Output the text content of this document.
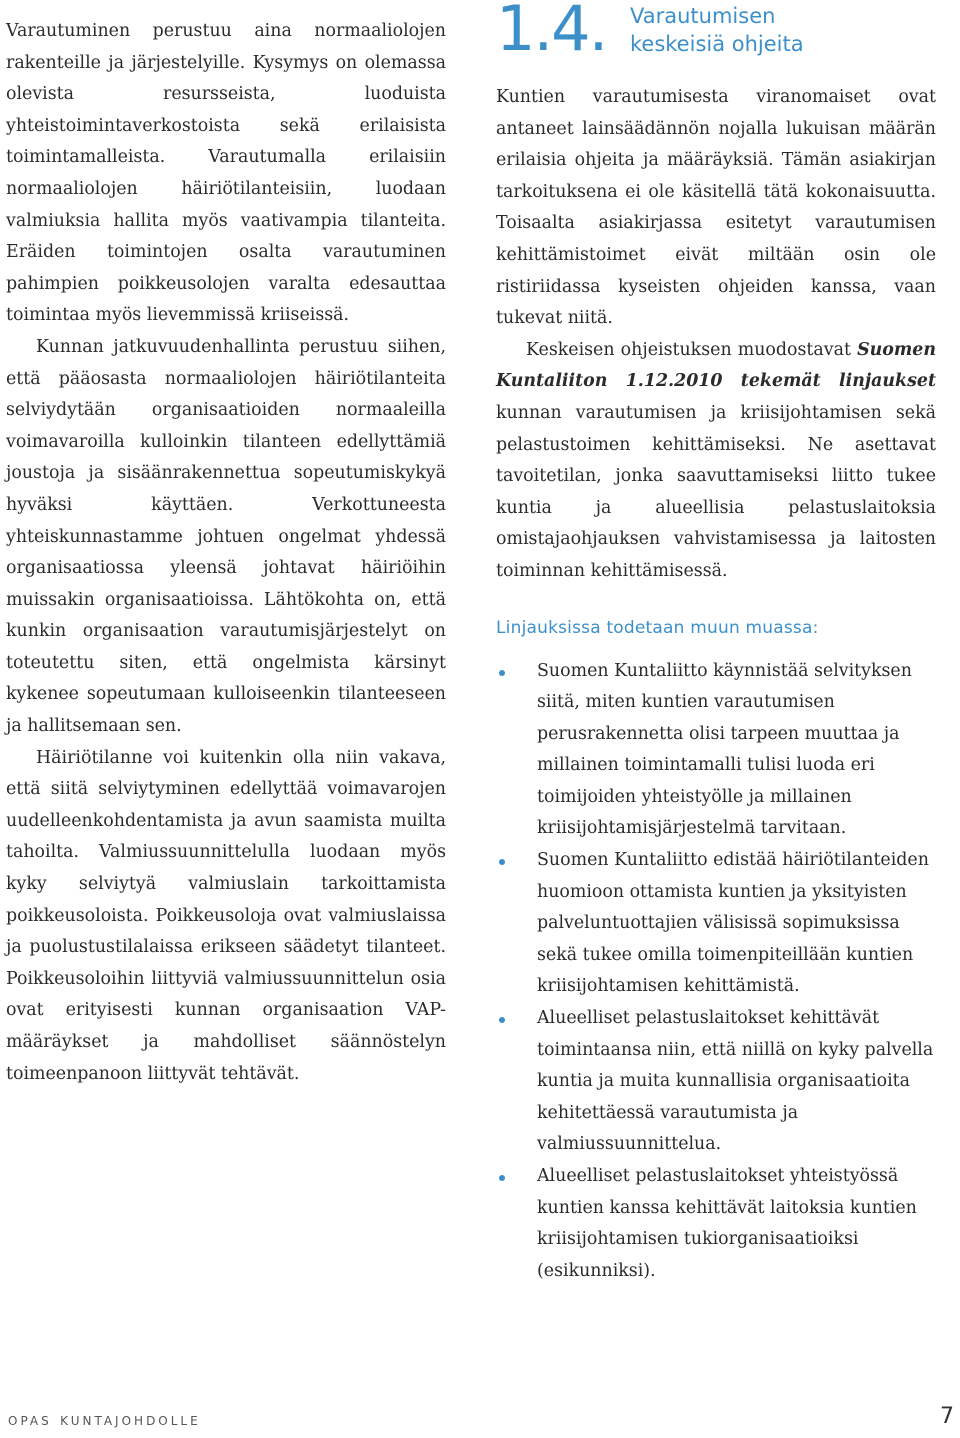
Varautuminen perustuu aina normaaliolojen rakenteille ja järjestelyille. Kysymys on olemassa olevista resursseista, luoduista yhteistoimintaverkostoista sekä erilaisista toimintamalleista. Varautumalla erilaisiin normaaliolojen häiriötilanteisiin, luodaan valmiuksia hallita myös vaativampia tilanteita. Eräiden toimintojen osalta varautuminen pahimpien poikkeusolojen varalta edesauttaa toimintaa myös lievemmissä kriiseissä.

Kunnan jatkuvuudenhallinta perustuu siihen, että pääosasta normaaliolojen häiriötilanteita selviydytään organisaatioiden normaaleilla voimavaroilla kulloinkin tilanteen edellyttämiä joustoja ja sisäänrakennettua sopeutumiskykyä hyväksi käyttäen. Verkottuneesta yhteiskunnastamme johtuen ongelmat yhdessä organisaatiossa yleensä johtavat häiriöihin muissakin organisaatioissa. Lähtökohta on, että kunkin organisaation varautumisjärjestelyt on toteutettu siten, että ongelmista kärsinyt kykenee sopeutumaan kulloiseenkin tilanteeseen ja hallitsemaan sen.

Häiriötilanne voi kuitenkin olla niin vakava, että siitä selviytyminen edellyttää voimavarojen uudelleenkohdentamista ja avun saamista muilta tahoilta. Valmiussuunnittelulla luodaan myös kyky selviytyä valmiuslain tarkoittamista poikkeusoloista. Poikkeusoloja ovat valmiuslaissa ja puolustustilalaissa erikseen säädetyt tilanteet. Poikkeusoloihin liittyviä valmiussuunnittelun osia ovat erityisesti kunnan organisaation VAP- määräykset ja mahdolliset säännöstelyn toimeenpanoon liittyvät tehtävät.

1.4. Varautumisen
keskeisiä ohjeita

Kuntien varautumisesta viranomaiset ovat antaneet lainsäädännön nojalla lukuisan määrän erilaisia ohjeita ja määräyksiä. Tämän asiakirjan tarkoituksena ei ole käsitellä tätä kokonaisuutta. Toisaalta asiakirjassa esitetyt varautumisen kehittämistoimet eivät miltään osin ole ristiriidassa kyseisten ohjeiden kanssa, vaan tukevat niitä.

Keskeisen ohjeistuksen muodostavat Suomen Kuntaliiton 1.12.2010 tekemät linjaukset kunnan varautumisen ja kriisijohtamisen sekä pelastustoimen kehittämiseksi. Ne asettavat tavoitetilan, jonka saavuttamiseksi liitto tukee kuntia ja alueellisia pelastuslaitoksia omistajaohjauksen vahvistamisessa ja laitosten toiminnan kehittämisessä.

Linjauksissa todetaan muun muassa:
Suomen Kuntaliitto käynnistää selvityksen siitä, miten kuntien varautumisen perusrakennetta olisi tarpeen muuttaa ja millainen toimintamalli tulisi luoda eri toimijoiden yhteistyölle ja millainen kriisijohtamisjärjestelmä tarvitaan.
Suomen Kuntaliitto edistää häiriötilanteiden huomioon ottamista kuntien ja yksityisten palveluntuottajien välisissä sopimuksissa sekä tukee omilla toimenpiteillään kuntien kriisijohtamisen kehittämistä.
Alueelliset pelastuslaitokset kehittävät toimintaansa niin, että niillä on kyky palvella kuntia ja muita kunnallisia organisaatioita kehitettäessä varautumista ja valmiussuunnittelua.
Alueelliset pelastuslaitokset yhteistyössä kuntien kanssa kehittävät laitoksia kuntien kriisijohtamisen tukiorganisaatioiksi (esikunniksi).
opas kuntajohdolle	7
